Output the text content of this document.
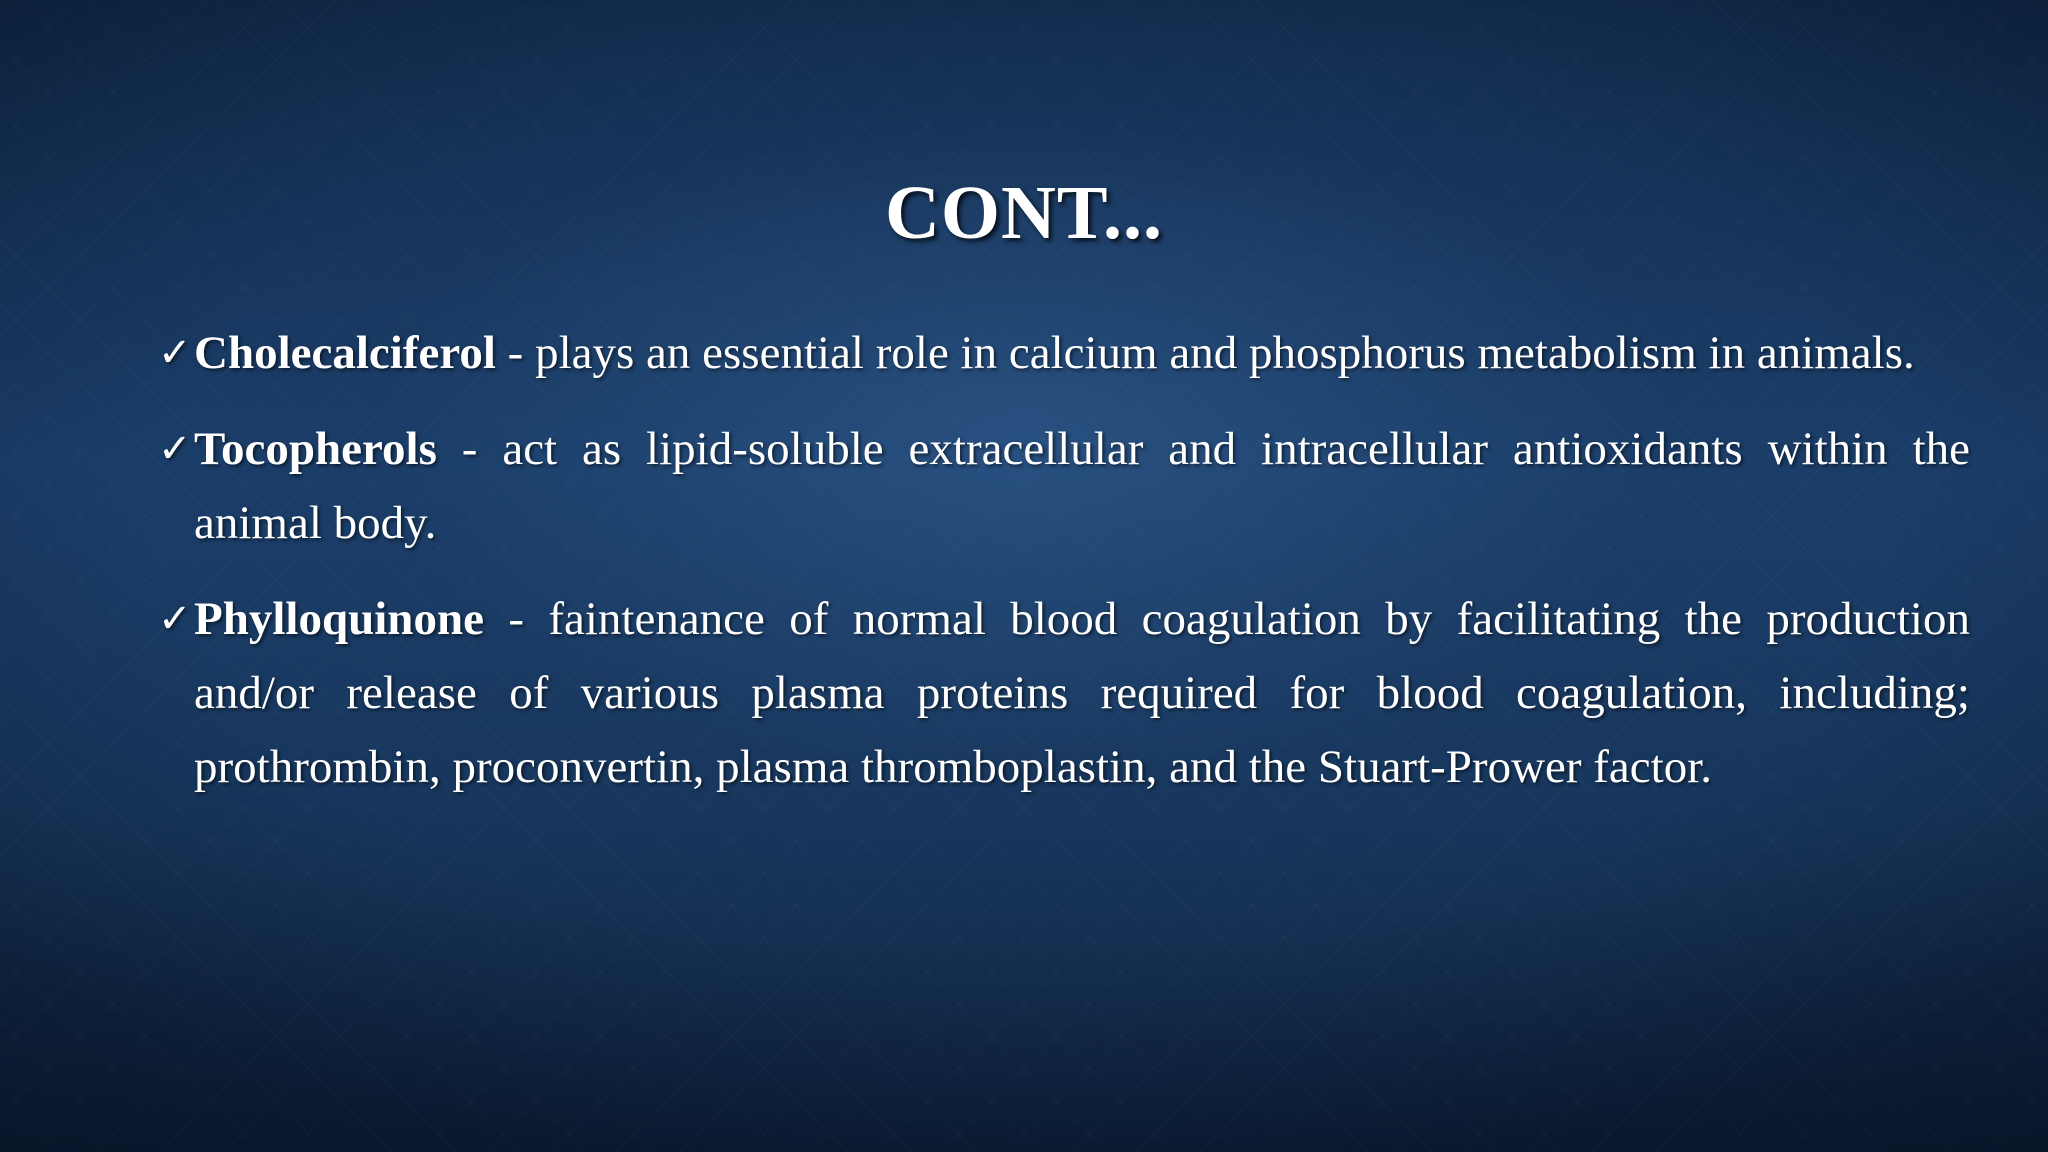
CONT...
✓ Cholecalciferol - plays an essential role in calcium and phosphorus metabolism in animals.
✓ Tocopherols - act as lipid-soluble extracellular and intracellular antioxidants within the animal body.
✓ Phylloquinone - faintenance of normal blood coagulation by facilitating the production and/or release of various plasma proteins required for blood coagulation, including; prothrombin, proconvertin, plasma thromboplastin, and the Stuart-Prower factor.
